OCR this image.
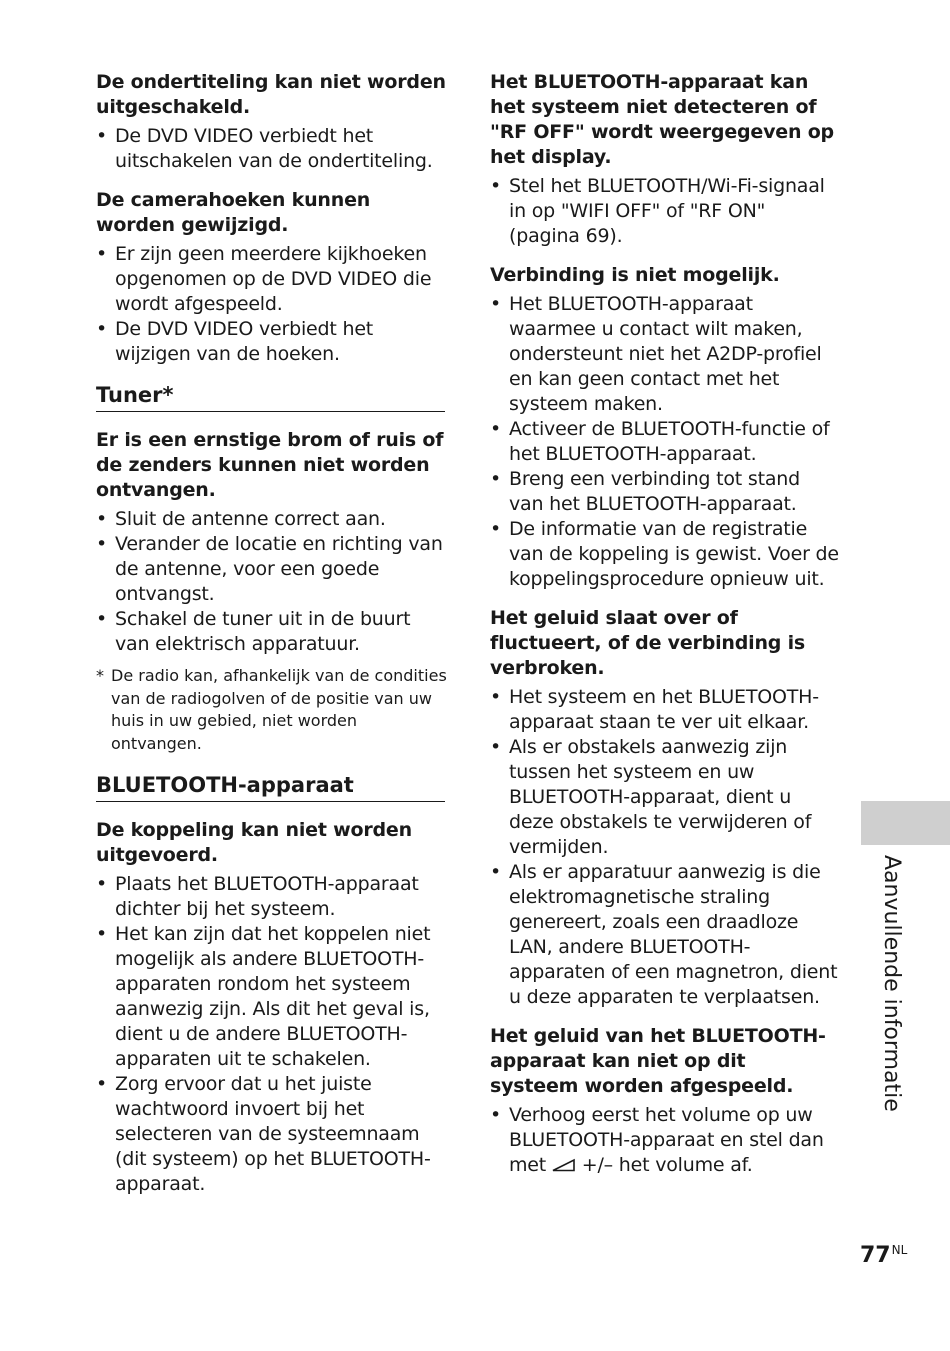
De ondertiteling kan niet worden uitgeschakeld.
• De DVD VIDEO verbiedt het uitschakelen van de ondertiteling.
De camerahoeken kunnen worden gewijzigd.
• Er zijn geen meerdere kijkhoeken opgenomen op de DVD VIDEO die wordt afgespeeld.
• De DVD VIDEO verbiedt het wijzigen van de hoeken.
Tuner*
Er is een ernstige brom of ruis of de zenders kunnen niet worden ontvangen.
• Sluit de antenne correct aan.
• Verander de locatie en richting van de antenne, voor een goede ontvangst.
• Schakel de tuner uit in de buurt van elektrisch apparatuur.
* De radio kan, afhankelijk van de condities van de radiogolven of de positie van uw huis in uw gebied, niet worden ontvangen.
BLUETOOTH-apparaat
De koppeling kan niet worden uitgevoerd.
• Plaats het BLUETOOTH-apparaat dichter bij het systeem.
• Het kan zijn dat het koppelen niet mogelijk als andere BLUETOOTH-apparaten rondom het systeem aanwezig zijn. Als dit het geval is, dient u de andere BLUETOOTH-apparaten uit te schakelen.
• Zorg ervoor dat u het juiste wachtwoord invoert bij het selecteren van de systeemnaam (dit systeem) op het BLUETOOTH-apparaat.
Het BLUETOOTH-apparaat kan het systeem niet detecteren of "RF OFF" wordt weergegeven op het display.
• Stel het BLUETOOTH/Wi-Fi-signaal in op "WIFI OFF" of "RF ON" (pagina 69).
Verbinding is niet mogelijk.
• Het BLUETOOTH-apparaat waarmee u contact wilt maken, ondersteunt niet het A2DP-profiel en kan geen contact met het systeem maken.
• Activeer de BLUETOOTH-functie of het BLUETOOTH-apparaat.
• Breng een verbinding tot stand van het BLUETOOTH-apparaat.
• De informatie van de registratie van de koppeling is gewist. Voer de koppelingsprocedure opnieuw uit.
Het geluid slaat over of fluctueert, of de verbinding is verbroken.
• Het systeem en het BLUETOOTH-apparaat staan te ver uit elkaar.
• Als er obstakels aanwezig zijn tussen het systeem en uw BLUETOOTH-apparaat, dient u deze obstakels te verwijderen of vermijden.
• Als er apparatuur aanwezig is die elektromagnetische straling genereert, zoals een draadloze LAN, andere BLUETOOTH-apparaten of een magnetron, dient u deze apparaten te verplaatsen.
Het geluid van het BLUETOOTH-apparaat kan niet op dit systeem worden afgespeeld.
• Verhoog eerst het volume op uw BLUETOOTH-apparaat en stel dan met  +/– het volume af.
Aanvullende informatie
$77^{NL}$
